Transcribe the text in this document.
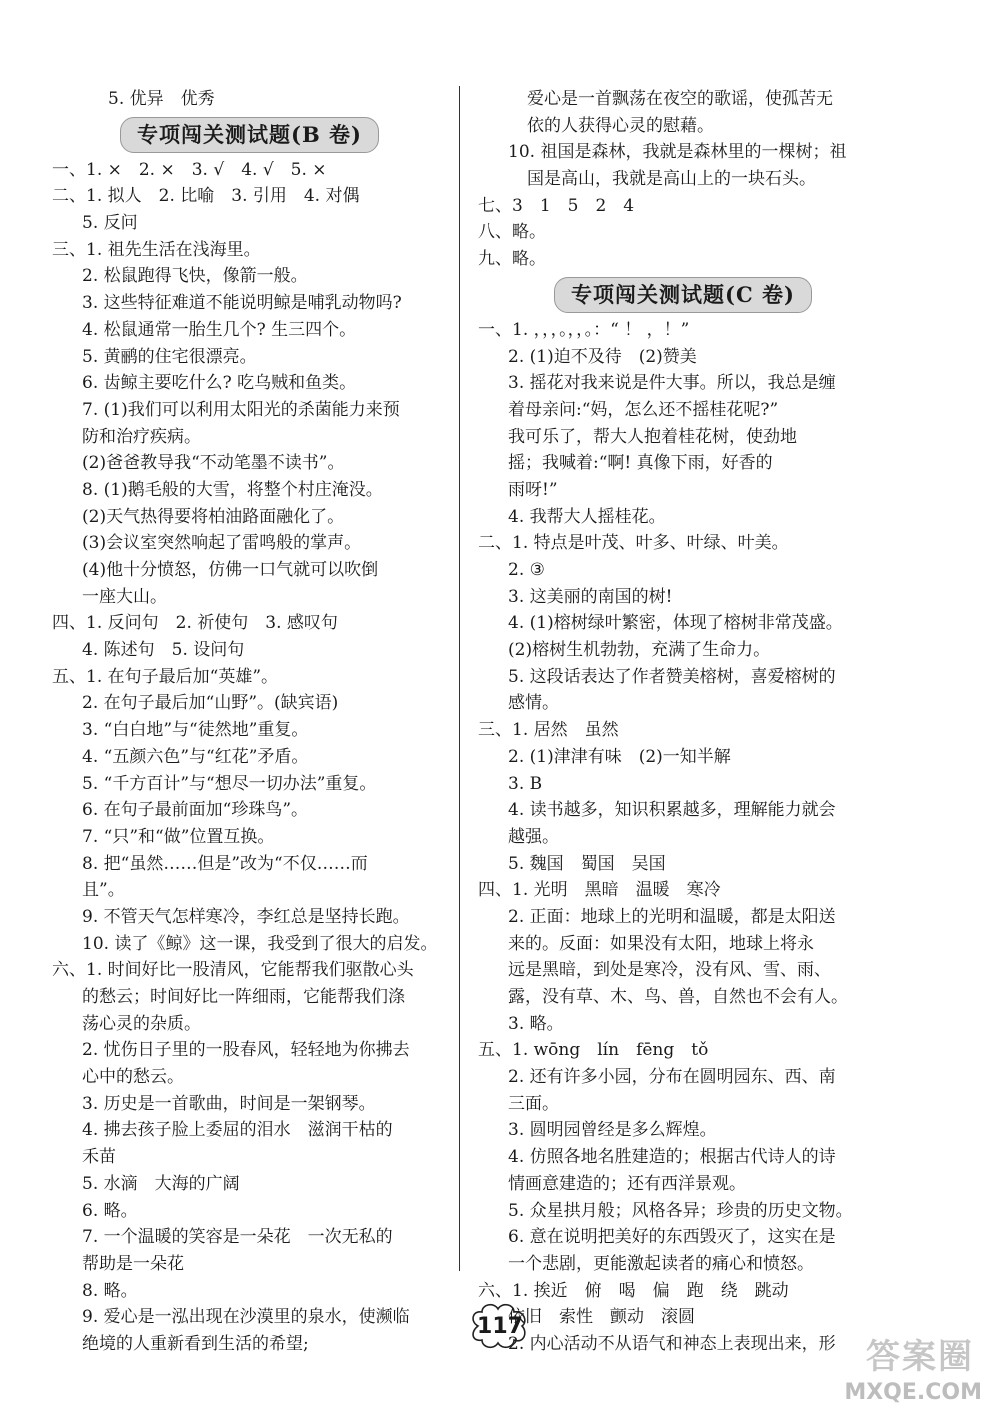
5. 优异　优秀
专项闯关测试题(B 卷)
一、1. ×　2. ×　3. √　4. √　5. ×
二、1. 拟人　2. 比喻　3. 引用　4. 对偶
5. 反问
三、1. 祖先生活在浅海里。
2. 松鼠跑得飞快，像箭一般。
3. 这些特征难道不能说明鲸是哺乳动物吗?
4. 松鼠通常一胎生几个? 生三四个。
5. 黄鹂的住宅很漂亮。
6. 齿鲸主要吃什么? 吃乌贼和鱼类。
7. (1)我们可以利用太阳光的杀菌能力来预
防和治疗疾病。
(2)爸爸教导我“不动笔墨不读书”。
8. (1)鹅毛般的大雪，将整个村庄淹没。
(2)天气热得要将柏油路面融化了。
(3)会议室突然响起了雷鸣般的掌声。
(4)他十分愤怒，仿佛一口气就可以吹倒
一座大山。
四、1. 反问句　2. 祈使句　3. 感叹句
4. 陈述句　5. 设问句
五、1. 在句子最后加“英雄”。
2. 在句子最后加“山野”。(缺宾语)
3. “白白地”与“徒然地”重复。
4. “五颜六色”与“红花”矛盾。
5. “千方百计”与“想尽一切办法”重复。
6. 在句子最前面加“珍珠鸟”。
7. “只”和“做”位置互换。
8. 把“虽然……但是”改为“不仅……而
且”。
9. 不管天气怎样寒冷，李红总是坚持长跑。
10. 读了《鲸》这一课，我受到了很大的启发。
六、1. 时间好比一股清风，它能帮我们驱散心头
的愁云；时间好比一阵细雨，它能帮我们涤
荡心灵的杂质。
2. 忧伤日子里的一股春风，轻轻地为你拂去
心中的愁云。
3. 历史是一首歌曲，时间是一架钢琴。
4. 拂去孩子脸上委屈的泪水　滋润干枯的
禾苗
5. 水滴　大海的广阔
6. 略。
7. 一个温暖的笑容是一朵花　一次无私的
帮助是一朵花
8. 略。
9. 爱心是一泓出现在沙漠里的泉水，使濒临
绝境的人重新看到生活的希望;
爱心是一首飘荡在夜空的歌谣，使孤苦无
依的人获得心灵的慰藉。
10. 祖国是森林，我就是森林里的一棵树；祖
国是高山，我就是高山上的一块石头。
七、3　1　5　2　4
八、略。
九、略。
专项闯关测试题(C 卷)
一、1. ，，，。，，。：“ ！ ，！”
2. (1)迫不及待　(2)赞美
3. 摇花对我来说是件大事。所以，我总是缠
着母亲问:“妈，怎么还不摇桂花呢?”
我可乐了，帮大人抱着桂花树，使劲地
摇；我喊着:“啊! 真像下雨，好香的
雨呀!”
4. 我帮大人摇桂花。
二、1. 特点是叶茂、叶多、叶绿、叶美。
2. ③
3. 这美丽的南国的树!
4. (1)榕树绿叶繁密，体现了榕树非常茂盛。
(2)榕树生机勃勃，充满了生命力。
5. 这段话表达了作者赞美榕树，喜爱榕树的
感情。
三、1. 居然　虽然
2. (1)津津有味　(2)一知半解
3. B
4. 读书越多，知识积累越多，理解能力就会
越强。
5. 魏国　蜀国　吴国
四、1. 光明　黑暗　温暖　寒冷
2. 正面：地球上的光明和温暖，都是太阳送
来的。反面：如果没有太阳，地球上将永
远是黑暗，到处是寒冷，没有风、雪、雨、
露，没有草、木、鸟、兽，自然也不会有人。
3. 略。
五、1. wōng　lín　fēng　tǒ
2. 还有许多小园，分布在圆明园东、西、南
三面。
3. 圆明园曾经是多么辉煌。
4. 仿照各地名胜建造的；根据古代诗人的诗
情画意建造的；还有西洋景观。
5. 众星拱月般；风格各异；珍贵的历史文物。
6. 意在说明把美好的东西毁灭了，这实在是
一个悲剧，更能激起读者的痛心和愤怒。
六、1. 挨近　俯　喝　偏　跑　绕　跳动
依旧　索性　颤动　滚圆
2. 内心活动不从语气和神态上表现出来，形
117
答案圈
MXQE.COM
